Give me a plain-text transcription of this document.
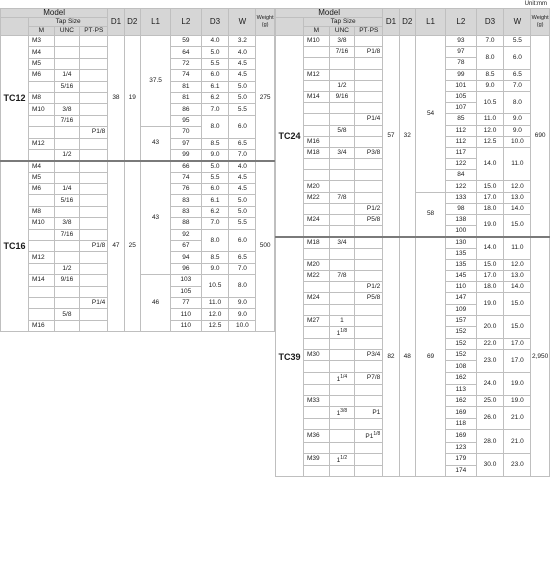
Unit:mm
Model				D1	D2	L1	L2	D3	W	Weight
(g)

	Tap Size									
	M	UNC	PT·PS							
TC12	M3			38	19	37.5	59	4.0	3.2	275
	M4						64	5.0	4.0	
	M5						72	5.5	4.5	
	M6	1/4					74	6.0	4.5	
		5/16					81	6.1	5.0	
	M8						81	6.2	5.0	
	M10	3/8					86	7.0	5.5	
		7/16					95	8.0	6.0	
			P1/8			43	70			
	M12						97	8.5	6.5	
		1/2					99	9.0	7.0	
TC16	M4			47	25	43	66	5.0	4.0	500
	M5						74	5.5	4.5	
	M6	1/4					76	6.0	4.5	
		5/16					83	6.1	5.0	
	M8						83	6.2	5.0	
	M10	3/8					88	7.0	5.5	
		7/16					92	8.0	6.0	
			P1/8				67			
	M12						94	8.5	6.5	
		1/2					96	9.0	7.0	
	M14	9/16				46	103	10.5	8.0	
							105			
			P1/4				77	11.0	9.0	
		5/8					110	12.0	9.0	
	M16						110	12.5	10.0	
Model				D1	D2	L1	L2	D3	W	Weight
(g)

	Tap Size									
	M	UNC	PT·PS							
TC24	M10	3/8		57	32	54	93	7.0	5.5	690
		7/16	P1/8				97	8.0	6.0	
							78			
	M12						99	8.5	6.5	
		1/2					101	9.0	7.0	
	M14	9/16					105	10.5	8.0	
							107			
			P1/4				85	11.0	9.0	
		5/8					112	12.0	9.0	
	M16						112	12.5	10.0	
	M18	3/4	P3/8				117	14.0	11.0	
							122			
							84			
	M20						122	15.0	12.0	
	M22	7/8				58	133	17.0	13.0	
			P1/2				98	18.0	14.0	
	M24		P5/8				138	19.0	15.0	
							100			
TC39	M18	3/4		82	48	69	130	14.0	11.0	2,950
							135			
	M20						135	15.0	12.0	
	M22	7/8					145	17.0	13.0	
			P1/2				110	18.0	14.0	
	M24		P5/8				147	19.0	15.0	
							109			
	M27	1					157	20.0	15.0	
		$1^{1/8}$					152			
							152	22.0	17.0	
	M30		P3/4				152	23.0	17.0	
							108			
		$1^{1/4}$	P7/8				162	24.0	19.0	
							113			
	M33						162	25.0	19.0	
		$1^{3/8}$	P1				169	26.0	21.0	
							118			
	M36		$P1^{1/8}$				169	28.0	21.0	
							123			
	M39	$1^{1/2}$					179	30.0	23.0	
							174			
